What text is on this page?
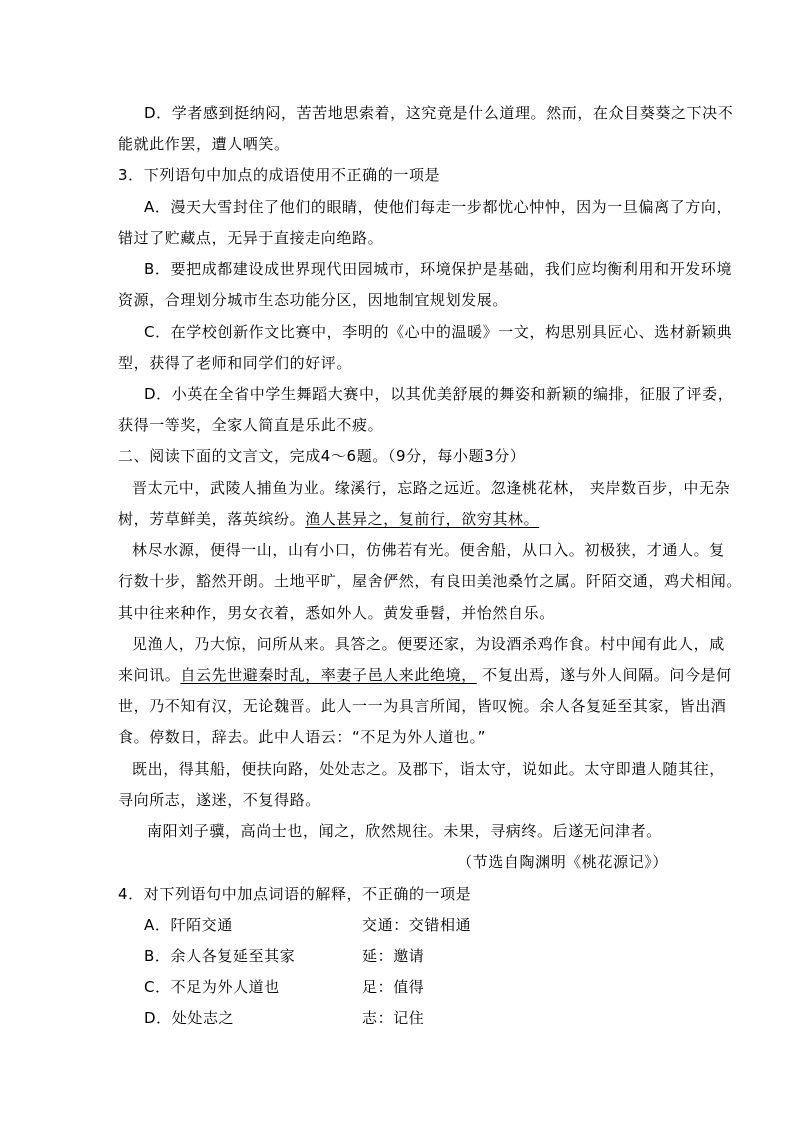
D．学者感到挺纳闷，苦苦地思索着，这究竟是什么道理。然而，在众目葵葵之下决不
能就此作罢，遭人哂笑。
3．下列语句中加点的成语使用不正确的一项是
A．漫天大雪封住了他们的眼睛，使他们每走一步都忧心忡忡，因为一旦偏离了方向，
错过了贮藏点，无异于直接走向绝路。
B．要把成都建设成世界现代田园城市，环境保护是基础，我们应均衡利用和开发环境
资源，合理划分城市生态功能分区，因地制宜规划发展。
C．在学校创新作文比赛中，李明的《心中的温暖》一文，构思别具匠心、选材新颖典
型，获得了老师和同学们的好评。
D．小英在全省中学生舞蹈大赛中，以其优美舒展的舞姿和新颖的编排，征服了评委，
获得一等奖，全家人简直是乐此不疲。
二、阅读下面的文言文，完成4～6题。（9分，每小题3分）
晋太元中，武陵人捕鱼为业。缘溪行，忘路之远近。忽逢桃花林， 夹岸数百步，中无杂
树，芳草鲜美，落英缤纷。渔人甚异之，复前行，欲穷其林。
林尽水源，便得一山，山有小口，仿佛若有光。便舍船，从口入。初极狭，才通人。复
行数十步，豁然开朗。土地平旷，屋舍俨然，有良田美池桑竹之属。阡陌交通，鸡犬相闻。
其中往来种作，男女衣着，悉如外人。黄发垂髫，并怡然自乐。
见渔人，乃大惊，问所从来。具答之。便要还家，为设酒杀鸡作食。村中闻有此人，咸
来问讯。自云先世避秦时乱，率妻子邑人来此绝境， 不复出焉，遂与外人间隔。问今是何
世，乃不知有汉，无论魏晋。此人一一为具言所闻，皆叹惋。余人各复延至其家，皆出酒
食。停数日，辞去。此中人语云：“不足为外人道也。”
既出，得其船，便扶向路，处处志之。及郡下，诣太守，说如此。太守即遣人随其往，
寻向所志，遂迷，不复得路。
南阳刘子骥，高尚士也，闻之，欣然规往。未果，寻病终。后遂无问津者。
（节选自陶渊明《桃花源记》）
4．对下列语句中加点词语的解释，不正确的一项是
A．阡陌交通	交通：交错相通
B．余人各复延至其家	延：邀请
C．不足为外人道也	足：值得
D．处处志之	志：记住
